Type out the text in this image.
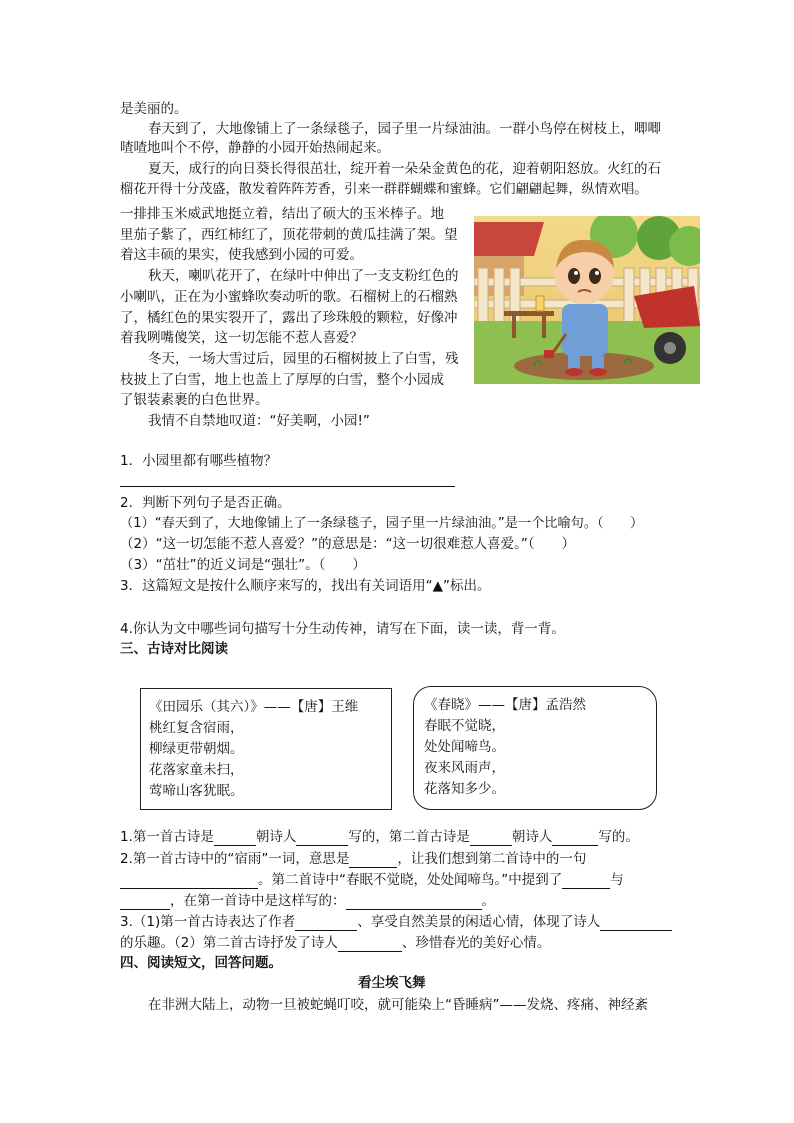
是美丽的。
春天到了，大地像铺上了一条绿毯子，园子里一片绿油油。一群小鸟停在树枝上，唧唧
喳喳地叫个不停，静静的小园开始热闹起来。
夏天，成行的向日葵长得很茁壮，绽开着一朵朵金黄色的花，迎着朝阳怒放。火红的石
榴花开得十分茂盛，散发着阵阵芳香，引来一群群蝴蝶和蜜蜂。它们翩翩起舞，纵情欢唱。
一排排玉米威武地挺立着，结出了硕大的玉米棒子。地
里茄子紫了，西红柿红了，顶花带刺的黄瓜挂满了架。望
着这丰硕的果实，使我感到小园的可爱。
秋天，喇叭花开了，在绿叶中伸出了一支支粉红色的
小喇叭，正在为小蜜蜂吹奏动听的歌。石榴树上的石榴熟
了，橘红色的果实裂开了，露出了珍珠般的颗粒，好像冲
着我咧嘴傻笑，这一切怎能不惹人喜爱？
冬天，一场大雪过后，园里的石榴树披上了白雪，残
枝披上了白雪，地上也盖上了厚厚的白雪，整个小园成
了银装素裹的白色世界。
我情不自禁地叹道：“好美啊，小园!”
1．小园里都有哪些植物？
2．判断下列句子是否正确。
（1）“春天到了，大地像铺上了一条绿毯子，园子里一片绿油油。”是一个比喻句。（　　）
（2）“这一切怎能不惹人喜爱？”的意思是：“这一切很难惹人喜爱。”（　　）
（3）“茁壮”的近义词是“强壮”。（　　）
3．这篇短文是按什么顺序来写的，找出有关词语用“▲”标出。
4.你认为文中哪些词句描写十分生动传神，请写在下面，读一读，背一背。
三、古诗对比阅读
《田园乐（其六）》——【唐】王维
桃红复含宿雨，
柳绿更带朝烟。
花落家童未扫，
莺啼山客犹眠。
《春晓》——【唐】孟浩然
春眠不觉晓，
处处闻啼鸟。
夜来风雨声，
花落知多少。
1.第一首古诗是	朝诗人	写的，第二首古诗是	朝诗人	写的。
2.第一首古诗中的“宿雨”一词，意思是	，让我们想到第二首诗中的一句
。第二首诗中“春眠不觉晓，处处闻啼鸟。”中提到了	与
，在第一首诗中是这样写的：	。
3.（1)第一首古诗表达了作者	、享受自然美景的闲适心情，体现了诗人
的乐趣。（2）第二首古诗抒发了诗人	、珍惜春光的美好心情。
四、阅读短文，回答问题。
看尘埃飞舞
在非洲大陆上，动物一旦被蛇蝇叮咬，就可能染上“昏睡病”——发烧、疼痛、神经紊
